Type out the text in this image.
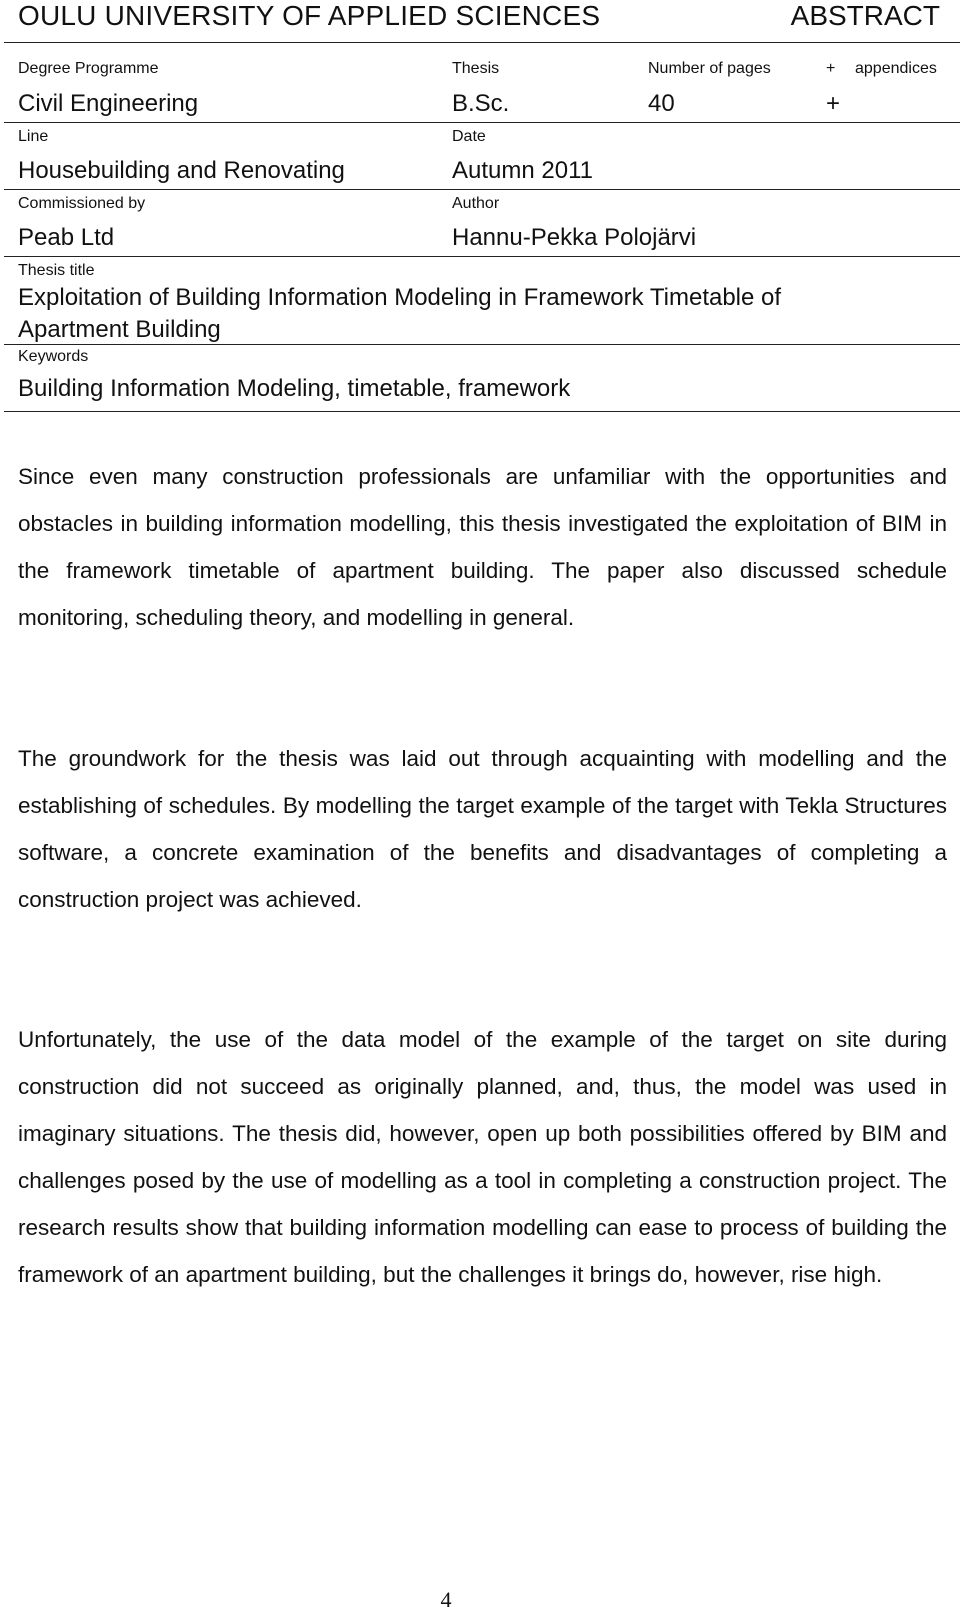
OULU UNIVERSITY OF APPLIED SCIENCES	ABSTRACT
Degree Programme	Thesis	Number of pages	+ appendices
Civil Engineering	B.Sc.	40	+
Line	Date
Housebuilding and Renovating	Autumn 2011
Commissioned by	Author
Peab Ltd	Hannu-Pekka Polojärvi
Thesis title
Exploitation of Building Information Modeling in Framework Timetable of
Apartment Building
Keywords
Building Information Modeling, timetable, framework
Since even many construction professionals are unfamiliar with the opportunities and obstacles in building information modelling, this thesis investigated the exploitation of BIM in the framework timetable of apartment building. The paper also discussed schedule monitoring, scheduling theory, and modelling in general.
The groundwork for the thesis was laid out through acquainting with modelling and the establishing of schedules. By modelling the target example of the target with Tekla Structures software, a concrete examination of the benefits and disadvantages of completing a construction project was achieved.
Unfortunately, the use of the data model of the example of the target on site during construction did not succeed as originally planned, and, thus, the model was used in imaginary situations. The thesis did, however, open up both possibilities offered by BIM and challenges posed by the use of modelling as a tool in completing a construction project. The research results show that building information modelling can ease to process of building the framework of an apartment building, but the challenges it brings do, however, rise high.
4
